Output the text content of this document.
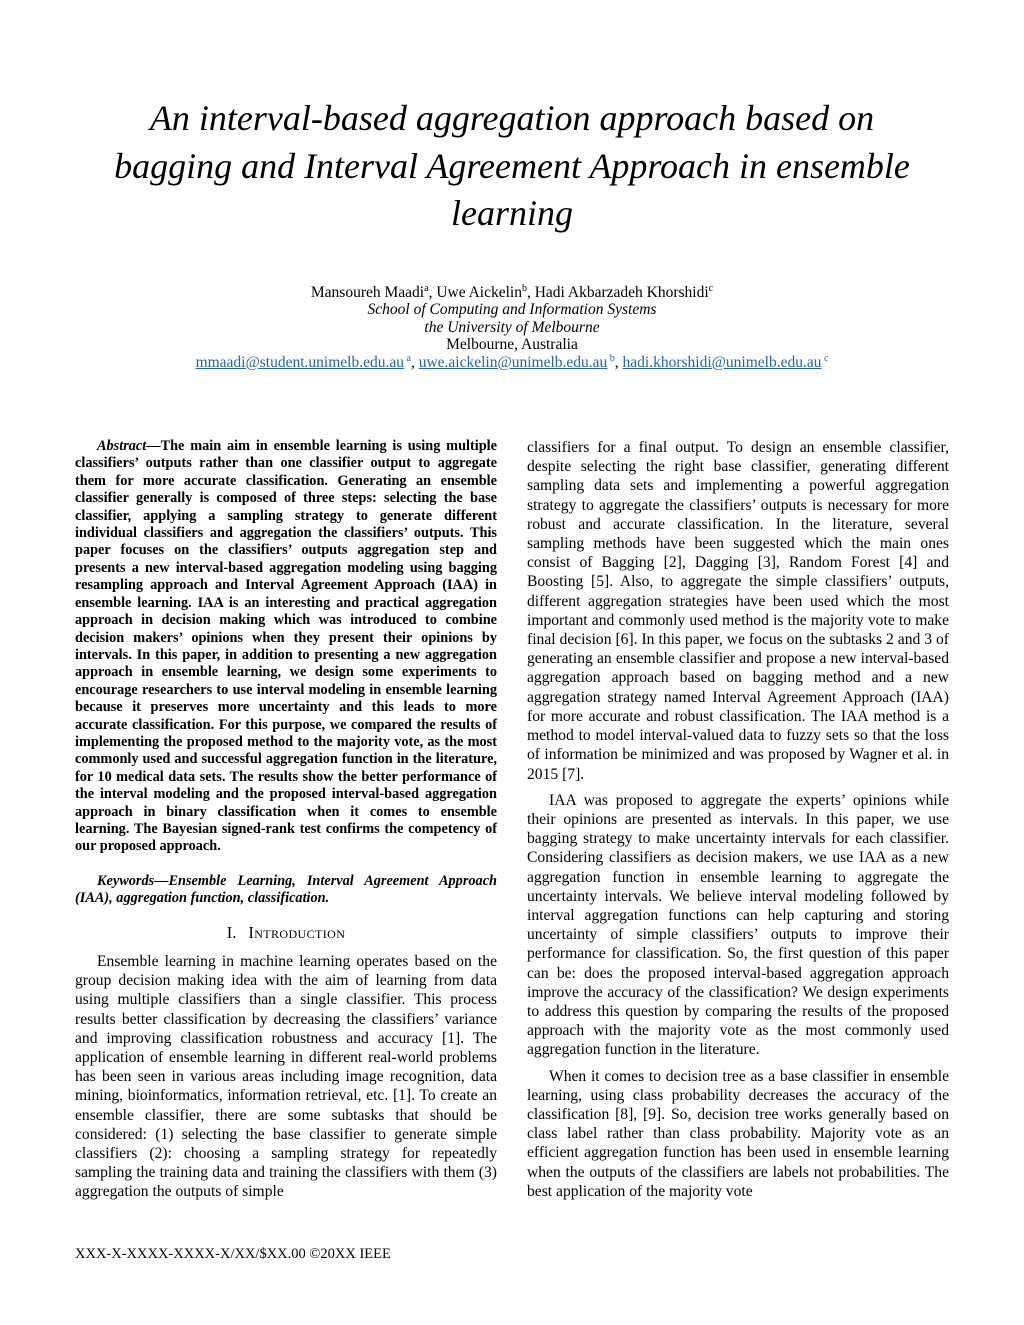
An interval-based aggregation approach based on bagging and Interval Agreement Approach in ensemble learning
Mansoureh Maadi$^a$, Uwe Aickelin$^b$, Hadi Akbarzadeh Khorshidi$^c$
School of Computing and Information Systems
the University of Melbourne
Melbourne, Australia
mmaadi@student.unimelb.edu.au $^a$, uwe.aickelin@unimelb.edu.au $^b$, hadi.khorshidi@unimelb.edu.au $^c$

Abstract—The main aim in ensemble learning is using multiple classifiers’ outputs rather than one classifier output to aggregate them for more accurate classification. Generating an ensemble classifier generally is composed of three steps: selecting the base classifier, applying a sampling strategy to generate different individual classifiers and aggregation the classifiers’ outputs. This paper focuses on the classifiers’ outputs aggregation step and presents a new interval-based aggregation modeling using bagging resampling approach and Interval Agreement Approach (IAA) in ensemble learning. IAA is an interesting and practical aggregation approach in decision making which was introduced to combine decision makers’ opinions when they present their opinions by intervals. In this paper, in addition to presenting a new aggregation approach in ensemble learning, we design some experiments to encourage researchers to use interval modeling in ensemble learning because it preserves more uncertainty and this leads to more accurate classification. For this purpose, we compared the results of implementing the proposed method to the majority vote, as the most commonly used and successful aggregation function in the literature, for 10 medical data sets. The results show the better performance of the interval modeling and the proposed interval-based aggregation approach in binary classification when it comes to ensemble learning. The Bayesian signed-rank test confirms the competency of our proposed approach.

Keywords—Ensemble Learning, Interval Agreement Approach (IAA), aggregation function, classification.

I. Introduction

Ensemble learning in machine learning operates based on the group decision making idea with the aim of learning from data using multiple classifiers than a single classifier. This process results better classification by decreasing the classifiers’ variance and improving classification robustness and accuracy [1]. The application of ensemble learning in different real-world problems has been seen in various areas including image recognition, data mining, bioinformatics, information retrieval, etc. [1]. To create an ensemble classifier, there are some subtasks that should be considered: (1) selecting the base classifier to generate simple classifiers (2): choosing a sampling strategy for repeatedly sampling the training data and training the classifiers with them (3) aggregation the outputs of simple

classifiers for a final output. To design an ensemble classifier, despite selecting the right base classifier, generating different sampling data sets and implementing a powerful aggregation strategy to aggregate the classifiers’ outputs is necessary for more robust and accurate classification. In the literature, several sampling methods have been suggested which the main ones consist of Bagging [2], Dagging [3], Random Forest [4] and Boosting [5]. Also, to aggregate the simple classifiers’ outputs, different aggregation strategies have been used which the most important and commonly used method is the majority vote to make final decision [6]. In this paper, we focus on the subtasks 2 and 3 of generating an ensemble classifier and propose a new interval-based aggregation approach based on bagging method and a new aggregation strategy named Interval Agreement Approach (IAA) for more accurate and robust classification. The IAA method is a method to model interval-valued data to fuzzy sets so that the loss of information be minimized and was proposed by Wagner et al. in 2015 [7].

IAA was proposed to aggregate the experts’ opinions while their opinions are presented as intervals. In this paper, we use bagging strategy to make uncertainty intervals for each classifier. Considering classifiers as decision makers, we use IAA as a new aggregation function in ensemble learning to aggregate the uncertainty intervals. We believe interval modeling followed by interval aggregation functions can help capturing and storing uncertainty of simple classifiers’ outputs to improve their performance for classification. So, the first question of this paper can be: does the proposed interval-based aggregation approach improve the accuracy of the classification? We design experiments to address this question by comparing the results of the proposed approach with the majority vote as the most commonly used aggregation function in the literature.

When it comes to decision tree as a base classifier in ensemble learning, using class probability decreases the accuracy of the classification [8], [9]. So, decision tree works generally based on class label rather than class probability. Majority vote as an efficient aggregation function has been used in ensemble learning when the outputs of the classifiers are labels not probabilities. The best application of the majority vote

XXX-X-XXXX-XXXX-X/XX/$XX.00 ©20XX IEEE
